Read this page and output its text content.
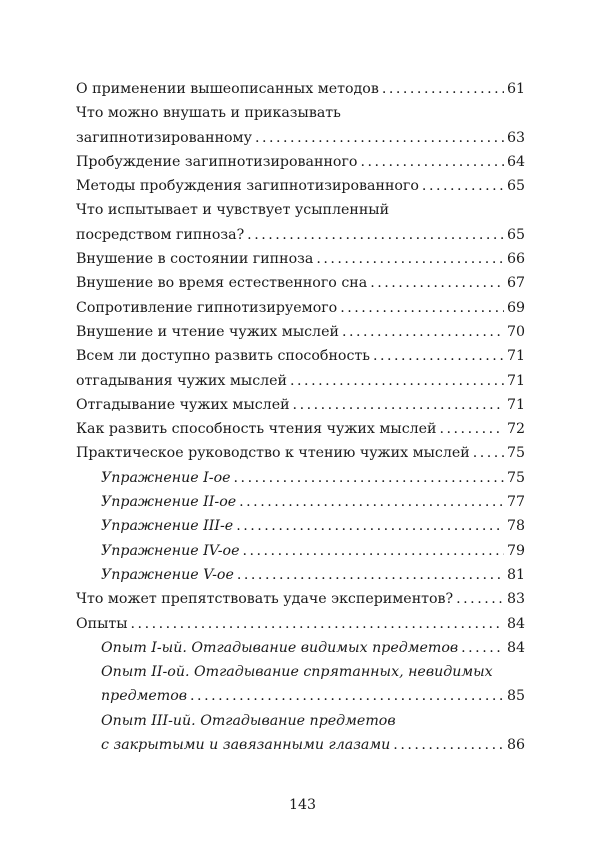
О применении вышеописанных методов . . .	61
Что можно внушать и приказывать
загипнотизированному . . .	63
Пробуждение загипнотизированного . . .	64
Методы пробуждения загипнотизированного . . .	65
Что испытывает и чувствует усыпленный
посредством гипноза? . . .	65
Внушение в состоянии гипноза . . .	66
Внушение во время естественного сна . . .	67
Сопротивление гипнотизируемого . . .	69
Внушение и чтение чужих мыслей . . .	70
Всем ли доступно развить способность . . .	71
отгадывания чужих мыслей . . .	71
Отгадывание чужих мыслей . . .	71
Как развить способность чтения чужих мыслей . . .	72
Практическое руководство к чтению чужих мыслей . . .	75
Упражнение I-ое . . .	75
Упражнение II-ое . . .	77
Упражнение III-е . . .	78
Упражнение IV-ое . . .	79
Упражнение V-ое . . .	81
Что может препятствовать удаче экспериментов? . . .	83
Опыты . . .	84
Опыт I-ый. Отгадывание видимых предметов . . .	84
Опыт II-ой. Отгадывание спрятанных, невидимых
предметов . . .	85
Опыт III-ий. Отгадывание предметов
с закрытыми и завязанными глазами . . .	86
143
